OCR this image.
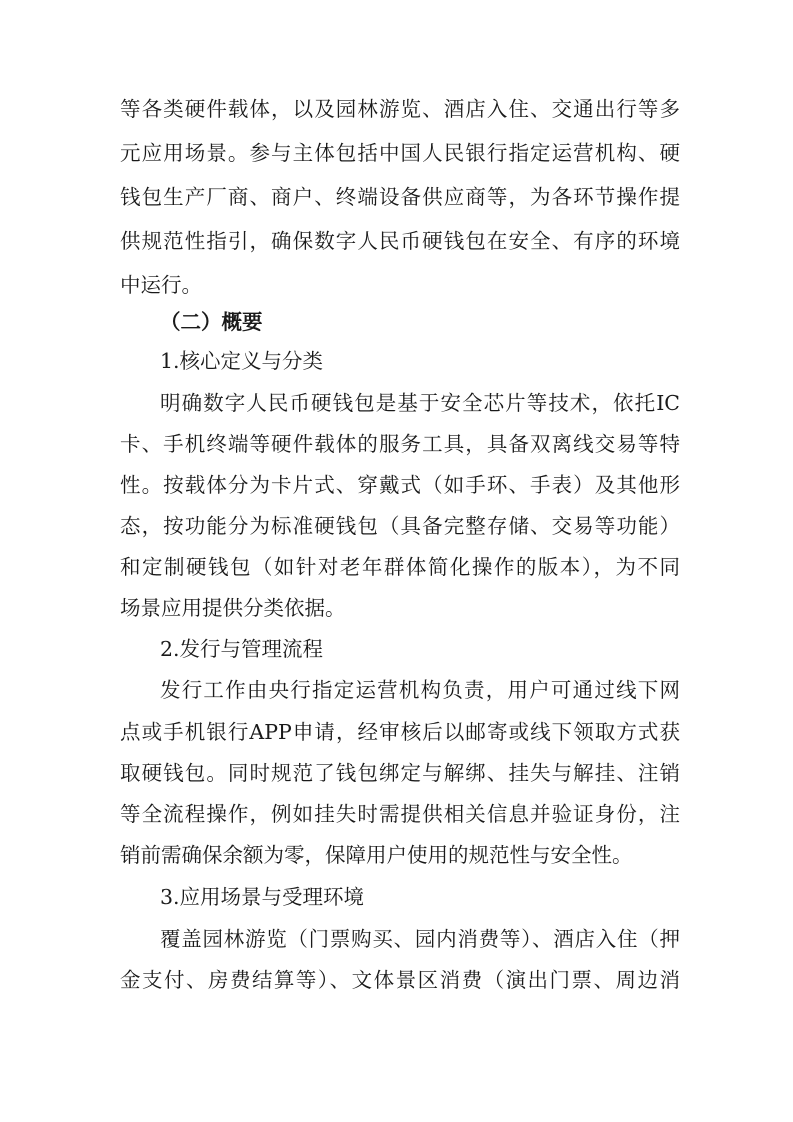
等各类硬件载体，以及园林游览、酒店入住、交通出行等多
元应用场景。参与主体包括中国人民银行指定运营机构、硬
钱包生产厂商、商户、终端设备供应商等，为各环节操作提
供规范性指引，确保数字人民币硬钱包在安全、有序的环境
中运行。
（二）概要
1.核心定义与分类
明确数字人民币硬钱包是基于安全芯片等技术，依托IC
卡、手机终端等硬件载体的服务工具，具备双离线交易等特
性。按载体分为卡片式、穿戴式（如手环、手表）及其他形
态，按功能分为标准硬钱包（具备完整存储、交易等功能）
和定制硬钱包（如针对老年群体简化操作的版本），为不同
场景应用提供分类依据。
2.发行与管理流程
发行工作由央行指定运营机构负责，用户可通过线下网
点或手机银行APP申请，经审核后以邮寄或线下领取方式获
取硬钱包。同时规范了钱包绑定与解绑、挂失与解挂、注销
等全流程操作，例如挂失时需提供相关信息并验证身份，注
销前需确保余额为零，保障用户使用的规范性与安全性。
3.应用场景与受理环境
覆盖园林游览（门票购买、园内消费等）、酒店入住（押
金支付、房费结算等）、文体景区消费（演出门票、周边消
